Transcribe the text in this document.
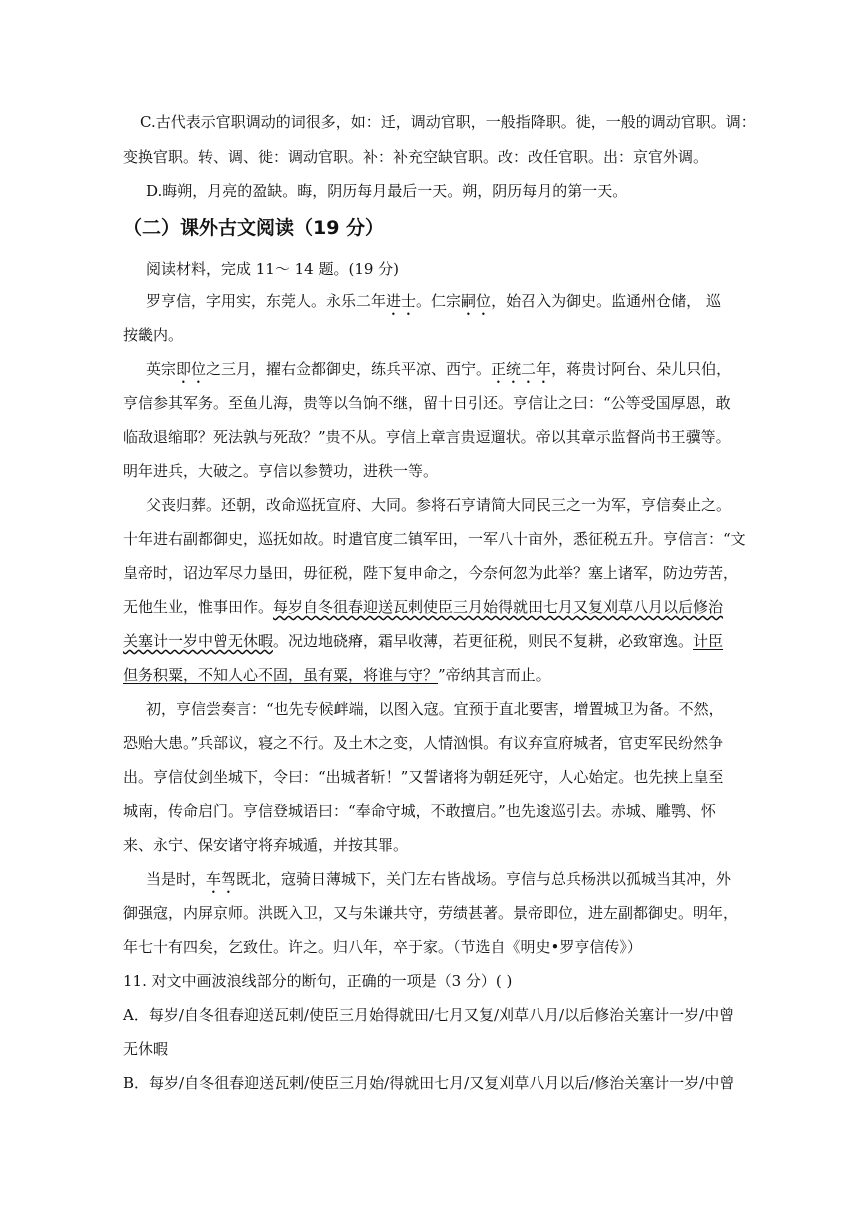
C.古代表示官职调动的词很多，如：迁，调动官职，一般指降职。徙，一般的调动官职。调：
变换官职。转、调、徙：调动官职。补：补充空缺官职。改：改任官职。出：京官外调。
D.晦朔，月亮的盈缺。晦，阴历每月最后一天。朔，阴历每月的第一天。
（二）课外古文阅读（19 分）
阅读材料，完成 11～ 14 题。(19 分)
罗亨信，字用实，东莞人。永乐二年进士。仁宗嗣位，始召入为御史。监通州仓储， 巡
按畿内。
英宗即位之三月，擢右佥都御史，练兵平凉、西宁。正统二年，蒋贵讨阿台、朵儿只伯，
亨信参其军务。至鱼儿海，贵等以刍饷不继，留十日引还。亨信让之曰：“公等受国厚恩，敢
临敌退缩耶？死法孰与死敌？”贵不从。亨信上章言贵逗遛状。帝以其章示监督尚书王骥等。
明年进兵，大破之。亨信以参赞功，进秩一等。
父丧归葬。还朝，改命巡抚宣府、大同。参将石亨请简大同民三之一为军，亨信奏止之。
十年进右副都御史，巡抚如故。时遣官度二镇军田，一军八十亩外，悉征税五升。亨信言：“文
皇帝时，诏边军尽力垦田，毋征税，陛下复申命之，今奈何忽为此举？塞上诸军，防边劳苦，
无他生业，惟事田作。每岁自冬徂春迎送瓦剌使臣三月始得就田七月又复刈草八月以后修治
关塞计一岁中曾无休暇。况边地硗瘠，霜早收薄，若更征税，则民不复耕，必致窜逸。计臣
但务积粟，不知人心不固，虽有粟，将谁与守？”帝纳其言而止。
初，亨信尝奏言：“也先专候衅端，以图入寇。宜预于直北要害，增置城卫为备。不然，
恐贻大患。”兵部议，寝之不行。及土木之变，人情汹惧。有议弃宣府城者，官吏军民纷然争
出。亨信仗剑坐城下，令曰：“出城者斩！”又誓诸将为朝廷死守，人心始定。也先挟上皇至
城南，传命启门。亨信登城语曰：“奉命守城，不敢擅启。”也先逡巡引去。赤城、雕鹗、怀
来、永宁、保安诸守将弃城遁，并按其罪。
当是时，车驾既北，寇骑日薄城下，关门左右皆战场。亨信与总兵杨洪以孤城当其冲，外
御强寇，内屏京师。洪既入卫，又与朱谦共守，劳绩甚著。景帝即位，进左副都御史。明年，
年七十有四矣，乞致仕。许之。归八年，卒于家。（节选自《明史•罗亨信传》）
11. 对文中画波浪线部分的断句，正确的一项是（3 分）( )
A．每岁/自冬徂春迎送瓦剌/使臣三月始得就田/七月又复/刈草八月/以后修治关塞计一岁/中曾
无休暇
B．每岁/自冬徂春迎送瓦剌/使臣三月始/得就田七月/又复刈草八月以后/修治关塞计一岁/中曾
